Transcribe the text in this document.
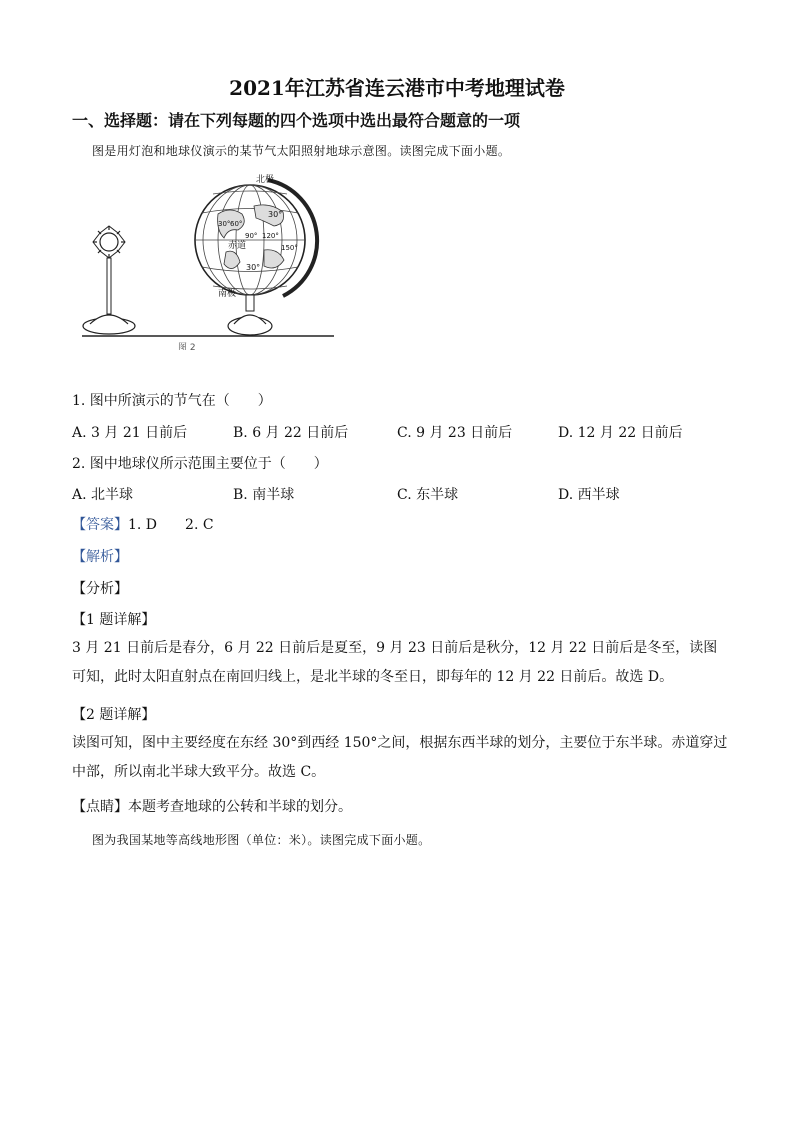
2021年江苏省连云港市中考地理试卷
一、选择题：请在下列每题的四个选项中选出最符合题意的一项
图是用灯泡和地球仪演示的某节气太阳照射地球示意图。读图完成下面小题。
北极
南极
赤道
30°
30°
30° 60°
90° 120°
150°
图 2
1. 图中所演示的节气在（　　）
A. 3 月 21 日前后	B. 6 月 22 日前后	C. 9 月 23 日前后	D. 12 月 22 日前后
2. 图中地球仪所示范围主要位于（　　）
A. 北半球	B. 南半球	C. 东半球	D. 西半球
【答案】1. D　　2. C
【解析】
【分析】
【1 题详解】
3 月 21 日前后是春分，6 月 22 日前后是夏至，9 月 23 日前后是秋分，12 月 22 日前后是冬至，读图可知，此时太阳直射点在南回归线上，是北半球的冬至日，即每年的 12 月 22 日前后。故选 D。
【2 题详解】
读图可知，图中主要经度在东经 30°到西经 150°之间，根据东西半球的划分，主要位于东半球。赤道穿过中部，所以南北半球大致平分。故选 C。
【点睛】本题考查地球的公转和半球的划分。
图为我国某地等高线地形图（单位：米）。读图完成下面小题。
